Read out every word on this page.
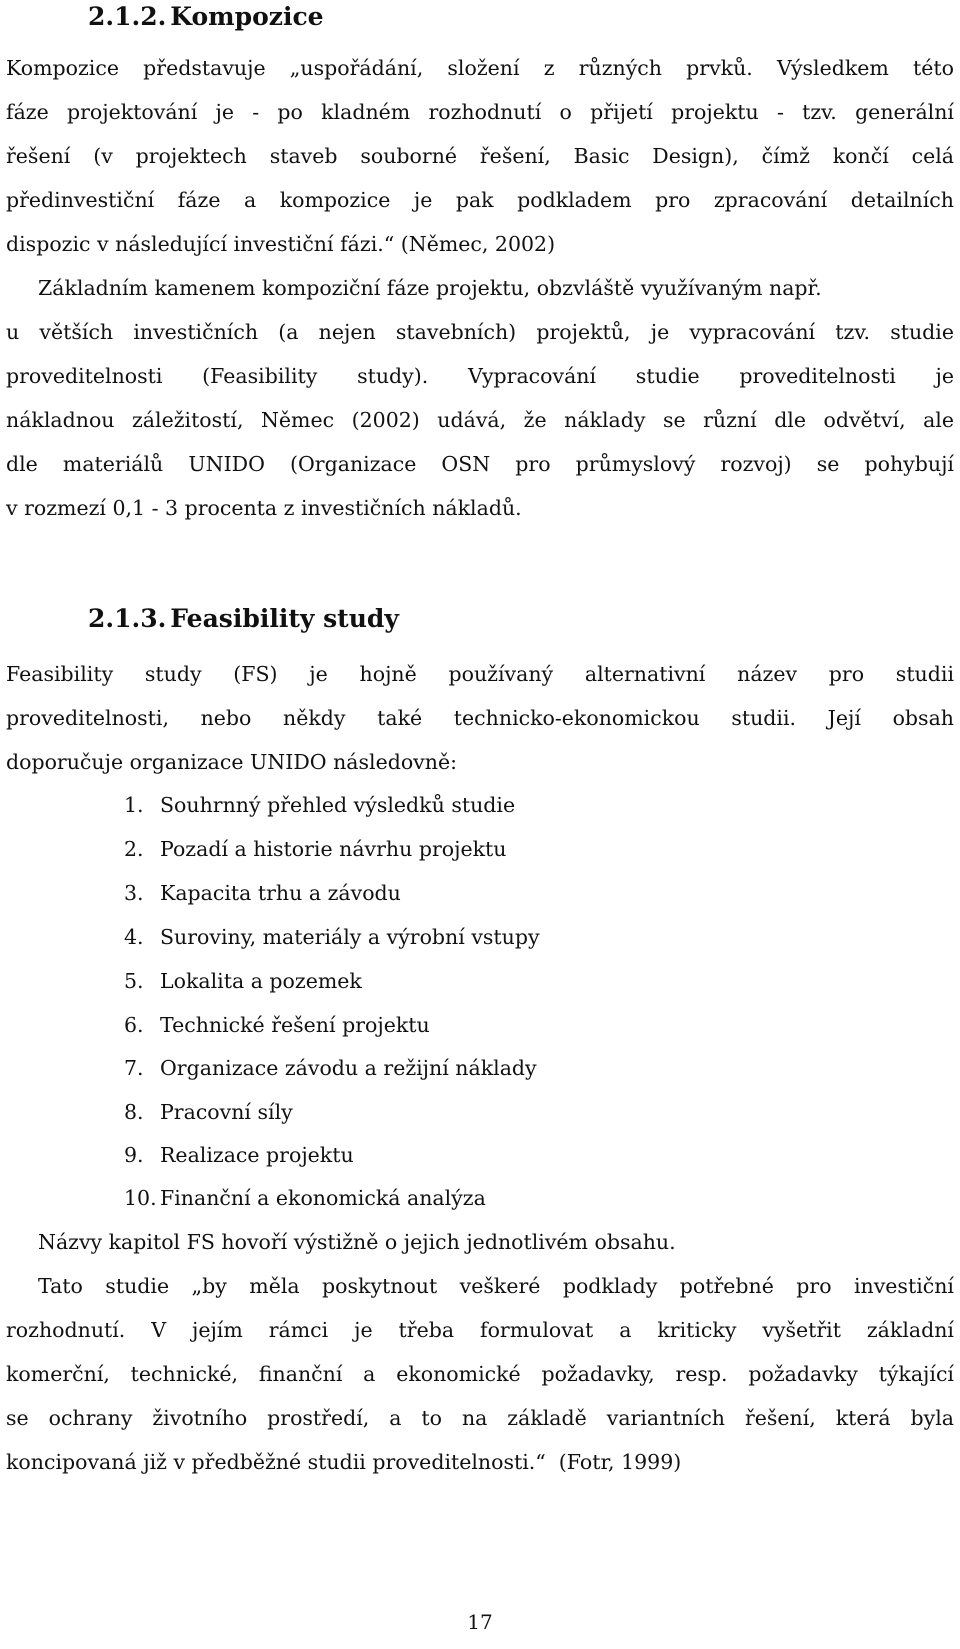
2.1.2. Kompozice
Kompozice představuje „uspořádání, složení z různých prvků. Výsledkem této
fáze projektování je - po kladném rozhodnutí o přijetí projektu - tzv. generální
řešení (v projektech staveb souborné řešení, Basic Design), čímž končí celá
předinvestiční fáze a kompozice je pak podkladem pro zpracování detailních
dispozic v následující investiční fázi.“ (Němec, 2002)
Základním kamenem kompoziční fáze projektu, obzvláště využívaným např.
u větších investičních (a nejen stavebních) projektů, je vypracování tzv. studie
proveditelnosti (Feasibility study). Vypracování studie proveditelnosti je
nákladnou záležitostí, Němec (2002) udává, že náklady se různí dle odvětví, ale
dle materiálů UNIDO (Organizace OSN pro průmyslový rozvoj) se pohybují
v rozmezí 0,1 - 3 procenta z investičních nákladů.
2.1.3. Feasibility study
Feasibility study (FS) je hojně používaný alternativní název pro studii
proveditelnosti, nebo někdy také technicko-ekonomickou studii. Její obsah
doporučuje organizace UNIDO následovně:
1. Souhrnný přehled výsledků studie
2. Pozadí a historie návrhu projektu
3. Kapacita trhu a závodu
4. Suroviny, materiály a výrobní vstupy
5. Lokalita a pozemek
6. Technické řešení projektu
7. Organizace závodu a režijní náklady
8. Pracovní síly
9. Realizace projektu
10. Finanční a ekonomická analýza
Názvy kapitol FS hovoří výstižně o jejich jednotlivém obsahu.
Tato studie „by měla poskytnout veškeré podklady potřebné pro investiční
rozhodnutí. V jejím rámci je třeba formulovat a kriticky vyšetřit základní
komerční, technické, finanční a ekonomické požadavky, resp. požadavky týkající
se ochrany životního prostředí, a to na základě variantních řešení, která byla
koncipovaná již v předběžné studii proveditelnosti.“  (Fotr, 1999)
17
